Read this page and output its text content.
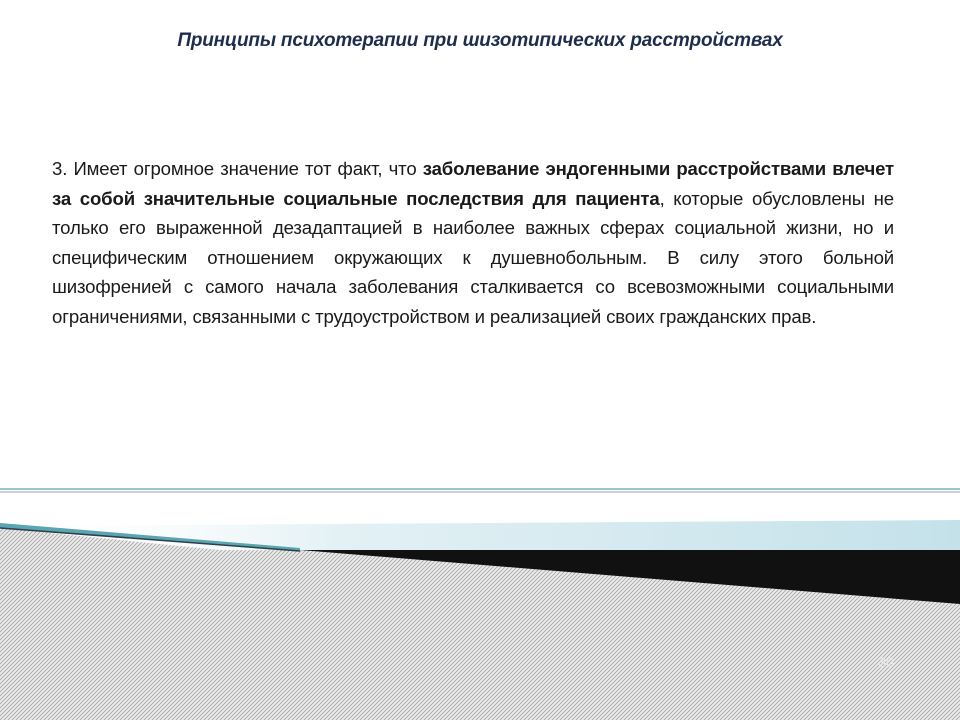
Принципы психотерапии при шизотипических расстройствах
3. Имеет огромное значение тот факт, что заболевание эндогенными расстройствами влечет за собой значительные социальные последствия для пациента, которые обусловлены не только его выраженной дезадаптацией в наиболее важных сферах социальной жизни, но и специфическим отношением окружающих к душевнобольным. В силу этого больной шизофренией с самого начала заболевания сталкивается со всевозможными социальными ограничениями, связанными с трудоустройством и реализацией своих гражданских прав.
30
